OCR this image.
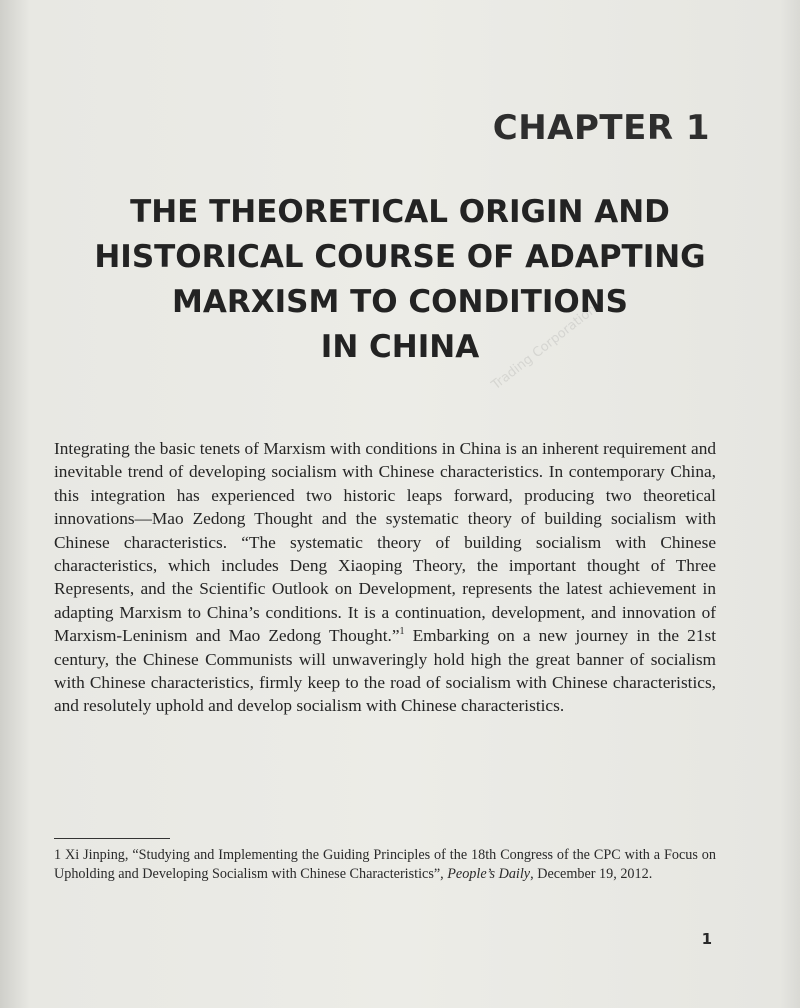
Trading Corporation
CHAPTER 1
THE THEORETICAL ORIGIN AND
HISTORICAL COURSE OF ADAPTING
MARXISM TO CONDITIONS
IN CHINA

Integrating the basic tenets of Marxism with conditions in China is an inherent requirement and inevitable trend of developing socialism with Chinese characteristics. In contemporary China, this integration has experienced two historic leaps forward, producing two theoretical innovations—Mao Zedong Thought and the systematic theory of building socialism with Chinese characteristics. “The systematic theory of building socialism with Chinese characteristics, which includes Deng Xiaoping Theory, the important thought of Three Represents, and the Scientific Outlook on Development, represents the latest achievement in adapting Marxism to China’s conditions. It is a continuation, development, and innovation of Marxism-Leninism and Mao Zedong Thought.”$^1$ Embarking on a new journey in the 21st century, the Chinese Communists will unwaveringly hold high the great banner of socialism with Chinese characteristics, firmly keep to the road of socialism with Chinese characteristics, and resolutely uphold and develop socialism with Chinese characteristics.

1 Xi Jinping, “Studying and Implementing the Guiding Principles of the 18th Congress of the CPC with a Focus on Upholding and Developing Socialism with Chinese Characteristics”, People’s Daily, December 19, 2012.

1
